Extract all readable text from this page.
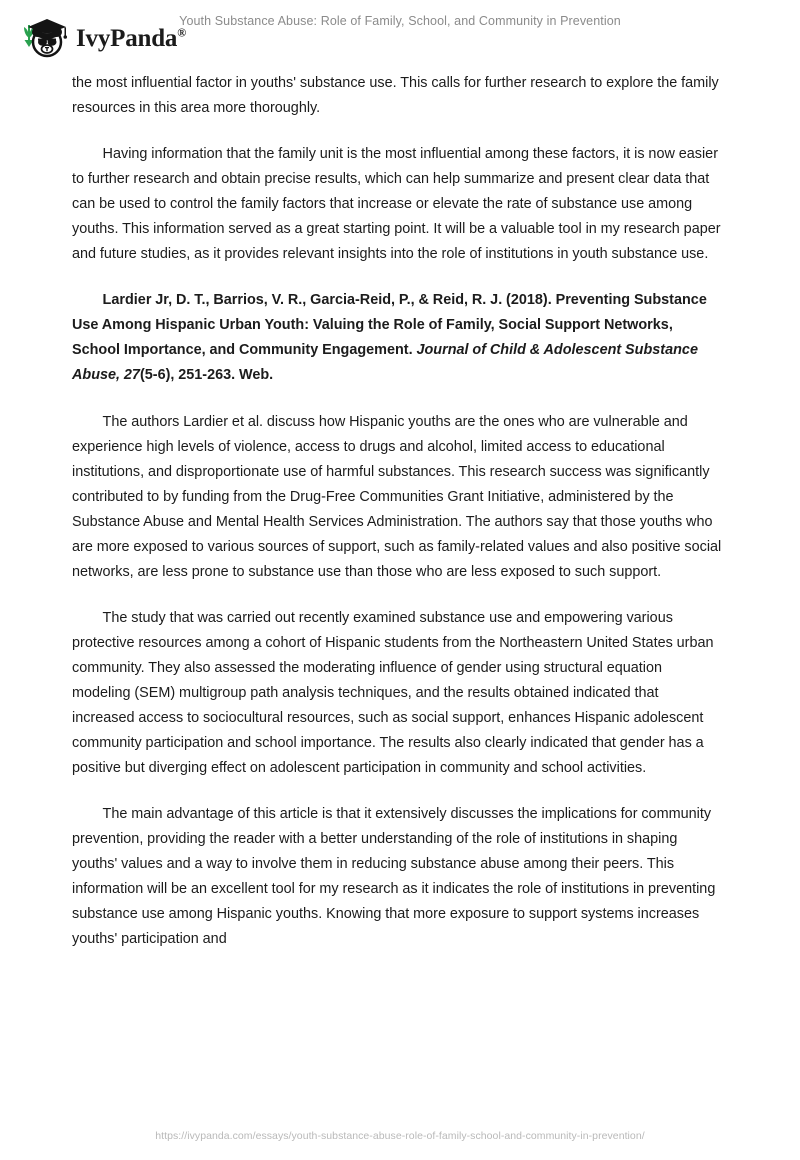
IvyPanda®
Youth Substance Abuse: Role of Family, School, and Community in Prevention

the most influential factor in youths' substance use. This calls for further research to explore the family resources in this area more thoroughly.

Having information that the family unit is the most influential among these factors, it is now easier to further research and obtain precise results, which can help summarize and present clear data that can be used to control the family factors that increase or elevate the rate of substance use among youths. This information served as a great starting point. It will be a valuable tool in my research paper and future studies, as it provides relevant insights into the role of institutions in youth substance use.

Lardier Jr, D. T., Barrios, V. R., Garcia-Reid, P., & Reid, R. J. (2018). Preventing Substance Use Among Hispanic Urban Youth: Valuing the Role of Family, Social Support Networks, School Importance, and Community Engagement. Journal of Child & Adolescent Substance Abuse, 27(5-6), 251-263. Web.

The authors Lardier et al. discuss how Hispanic youths are the ones who are vulnerable and experience high levels of violence, access to drugs and alcohol, limited access to educational institutions, and disproportionate use of harmful substances. This research success was significantly contributed to by funding from the Drug-Free Communities Grant Initiative, administered by the Substance Abuse and Mental Health Services Administration. The authors say that those youths who are more exposed to various sources of support, such as family-related values and also positive social networks, are less prone to substance use than those who are less exposed to such support.

The study that was carried out recently examined substance use and empowering various protective resources among a cohort of Hispanic students from the Northeastern United States urban community. They also assessed the moderating influence of gender using structural equation modeling (SEM) multigroup path analysis techniques, and the results obtained indicated that increased access to sociocultural resources, such as social support, enhances Hispanic adolescent community participation and school importance. The results also clearly indicated that gender has a positive but diverging effect on adolescent participation in community and school activities.

The main advantage of this article is that it extensively discusses the implications for community prevention, providing the reader with a better understanding of the role of institutions in shaping youths' values and a way to involve them in reducing substance abuse among their peers. This information will be an excellent tool for my research as it indicates the role of institutions in preventing substance use among Hispanic youths. Knowing that more exposure to support systems increases youths' participation and

https://ivypanda.com/essays/youth-substance-abuse-role-of-family-school-and-community-in-prevention/
